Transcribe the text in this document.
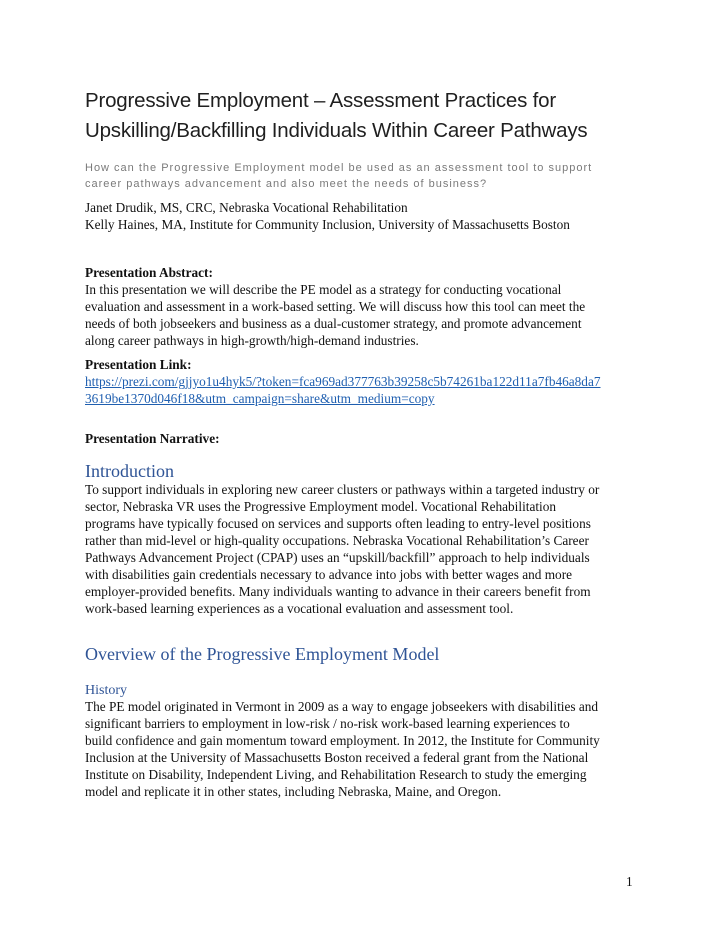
Progressive Employment – Assessment Practices for
Upskilling/Backfilling Individuals Within Career Pathways
How can the Progressive Employment model be used as an assessment tool to support
career pathways advancement and also meet the needs of business?
Janet Drudik, MS, CRC, Nebraska Vocational Rehabilitation
Kelly Haines, MA, Institute for Community Inclusion, University of Massachusetts Boston
Presentation Abstract:
In this presentation we will describe the PE model as a strategy for conducting vocational
evaluation and assessment in a work-based setting. We will discuss how this tool can meet the
needs of both jobseekers and business as a dual-customer strategy, and promote advancement
along career pathways in high-growth/high-demand industries.
Presentation Link:
https://prezi.com/gjjyo1u4hyk5/?token=fca969ad377763b39258c5b74261ba122d11a7fb46a8da7
3619be1370d046f18&utm_campaign=share&utm_medium=copy
Presentation Narrative:
Introduction
To support individuals in exploring new career clusters or pathways within a targeted industry or
sector, Nebraska VR uses the Progressive Employment model. Vocational Rehabilitation
programs have typically focused on services and supports often leading to entry-level positions
rather than mid-level or high-quality occupations. Nebraska Vocational Rehabilitation’s Career
Pathways Advancement Project (CPAP) uses an “upskill/backfill” approach to help individuals
with disabilities gain credentials necessary to advance into jobs with better wages and more
employer-provided benefits. Many individuals wanting to advance in their careers benefit from
work-based learning experiences as a vocational evaluation and assessment tool.
Overview of the Progressive Employment Model
History
The PE model originated in Vermont in 2009 as a way to engage jobseekers with disabilities and
significant barriers to employment in low-risk / no-risk work-based learning experiences to
build confidence and gain momentum toward employment. In 2012, the Institute for Community
Inclusion at the University of Massachusetts Boston received a federal grant from the National
Institute on Disability, Independent Living, and Rehabilitation Research to study the emerging
model and replicate it in other states, including Nebraska, Maine, and Oregon.
1
